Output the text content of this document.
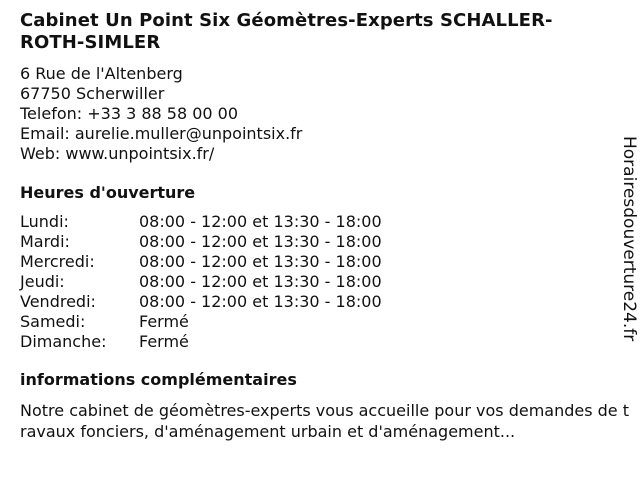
Cabinet Un Point Six Géomètres-Experts SCHALLER-ROTH-SIMLER
6 Rue de l'Altenberg
67750 Scherwiller
Telefon: +33 3 88 58 00 00
Email: aurelie.muller@unpointsix.fr
Web: www.unpointsix.fr/
Heures d'ouverture
Lundi:	08:00 - 12:00 et 13:30 - 18:00
Mardi:	08:00 - 12:00 et 13:30 - 18:00
Mercredi:	08:00 - 12:00 et 13:30 - 18:00
Jeudi:	08:00 - 12:00 et 13:30 - 18:00
Vendredi:	08:00 - 12:00 et 13:30 - 18:00
Samedi:	Fermé
Dimanche:	Fermé
informations complémentaires
Notre cabinet de géomètres-experts vous accueille pour vos demandes de travaux fonciers, d'aménagement urbain et d'aménagement...
Horairesdouverture24.fr
